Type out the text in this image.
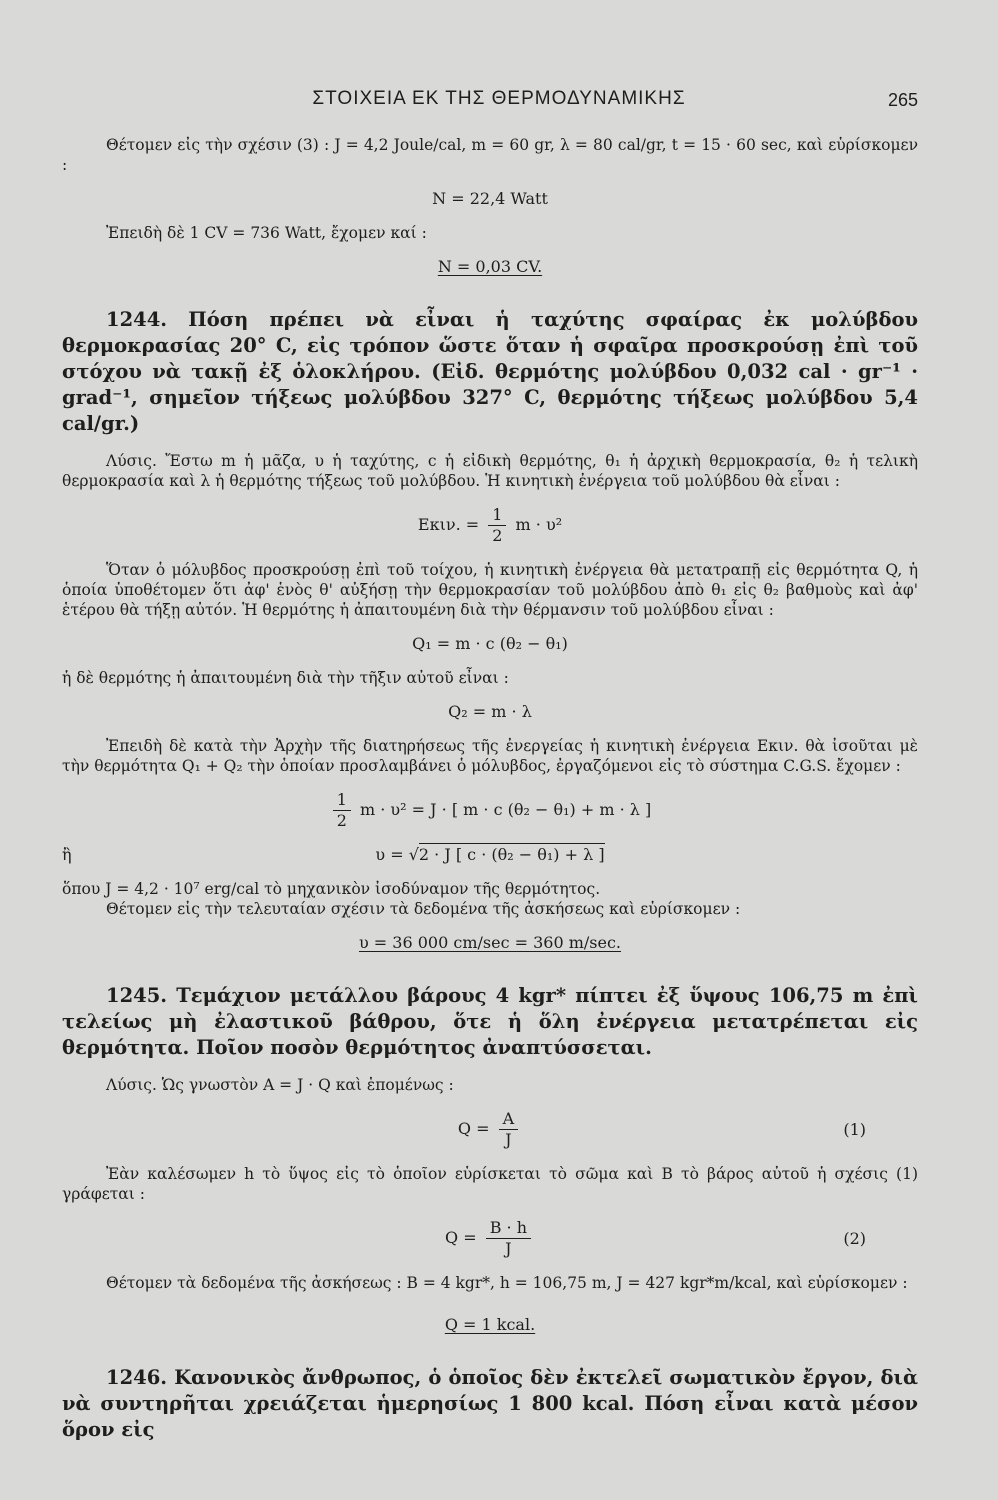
ΣΤΟΙΧΕΙΑ ΕΚ ΤΗΣ ΘΕΡΜΟΔΥΝΑΜΙΚΗΣ	265

Θέτομεν εἰς τὴν σχέσιν (3) : J = 4,2 Joule/cal, m = 60 gr, λ = 80 cal/gr, t = 15 · 60 sec, καὶ εὑρίσκομεν :

N = 22,4 Watt

Ἐπειδὴ δὲ 1 CV = 736 Watt, ἔχομεν καί :

N = 0,03 CV.

1244. Πόση πρέπει νὰ εἶναι ἡ ταχύτης σφαίρας ἐκ μολύβδου θερμοκρασίας 20° C, εἰς τρόπον ὥστε ὅταν ἡ σφαῖρα προσκρούσῃ ἐπὶ τοῦ στόχου νὰ τακῇ ἐξ ὁλοκλήρου. (Εἰδ. θερμότης μολύβδου 0,032 cal · gr⁻¹ · grad⁻¹, σημεῖον τήξεως μολύβδου 327° C, θερμότης τήξεως μολύβδου 5,4 cal/gr.)

Λύσις. Ἔστω m ἡ μᾶζα, υ ἡ ταχύτης, c ἡ εἰδικὴ θερμότης, θ₁ ἡ ἀρχικὴ θερμοκρασία, θ₂ ἡ τελικὴ θερμοκρασία καὶ λ ἡ θερμότης τήξεως τοῦ μολύβδου. Ἡ κινητικὴ ἐνέργεια τοῦ μολύβδου θὰ εἶναι :

Eκιν. = $\frac{1}{2}$ m · υ²

Ὅταν ὁ μόλυβδος προσκρούσῃ ἐπὶ τοῦ τοίχου, ἡ κινητικὴ ἐνέργεια θὰ μετατραπῇ εἰς θερμότητα Q, ἡ ὁποία ὑποθέτομεν ὅτι ἀφ' ἑνὸς θ' αὐξήσῃ τὴν θερμοκρασίαν τοῦ μολύβδου ἀπὸ θ₁ εἰς θ₂ βαθμοὺς καὶ ἀφ' ἑτέρου θὰ τήξῃ αὐτόν. Ἡ θερμότης ἡ ἀπαιτουμένη διὰ τὴν θέρμανσιν τοῦ μολύβδου εἶναι :

Q₁ = m · c (θ₂ − θ₁)

ἡ δὲ θερμότης ἡ ἀπαιτουμένη διὰ τὴν τῆξιν αὐτοῦ εἶναι :

Q₂ = m · λ

Ἐπειδὴ δὲ κατὰ τὴν Ἀρχὴν τῆς διατηρήσεως τῆς ἐνεργείας ἡ κινητικὴ ἐνέργεια Eκιν. θὰ ἰσοῦται μὲ τὴν θερμότητα Q₁ + Q₂ τὴν ὁποίαν προσλαμβάνει ὁ μόλυβδος, ἐργαζόμενοι εἰς τὸ σύστημα C.G.S. ἔχομεν :

$\frac{1}{2}$ m · υ² = J · [ m · c (θ₂ − θ₁) + m · λ ]

ἢ	υ = √2 · J [ c · (θ₂ − θ₁) + λ ]

ὅπου J = 4,2 · 10⁷ erg/cal τὸ μηχανικὸν ἰσοδύναμον τῆς θερμότητος.

Θέτομεν εἰς τὴν τελευταίαν σχέσιν τὰ δεδομένα τῆς ἀσκήσεως καὶ εὑρίσκομεν :

υ = 36 000 cm/sec = 360 m/sec.

1245. Τεμάχιον μετάλλου βάρους 4 kgr* πίπτει ἐξ ὕψους 106,75 m ἐπὶ τελείως μὴ ἐλαστικοῦ βάθρου, ὅτε ἡ ὅλη ἐνέργεια μετατρέπεται εἰς θερμότητα. Ποῖον ποσὸν θερμότητος ἀναπτύσσεται.

Λύσις. Ὡς γνωστὸν A = J · Q καὶ ἑπομένως :

$Q = \frac{A}{J}$	(1)

Ἐὰν καλέσωμεν h τὸ ὕψος εἰς τὸ ὁποῖον εὑρίσκεται τὸ σῶμα καὶ B τὸ βάρος αὐτοῦ ἡ σχέσις (1) γράφεται :

$Q = \frac{B \cdot h}{J}$	(2)

Θέτομεν τὰ δεδομένα τῆς ἀσκήσεως : B = 4 kgr*, h = 106,75 m, J = 427 kgr*m/kcal, καὶ εὑρίσκομεν :

Q = 1 kcal.

1246. Κανονικὸς ἄνθρωπος, ὁ ὁποῖος δὲν ἐκτελεῖ σωματικὸν ἔργον, διὰ νὰ συντηρῆται χρειάζεται ἡμερησίως 1 800 kcal. Πόση εἶναι κατὰ μέσον ὅρον εἰς
